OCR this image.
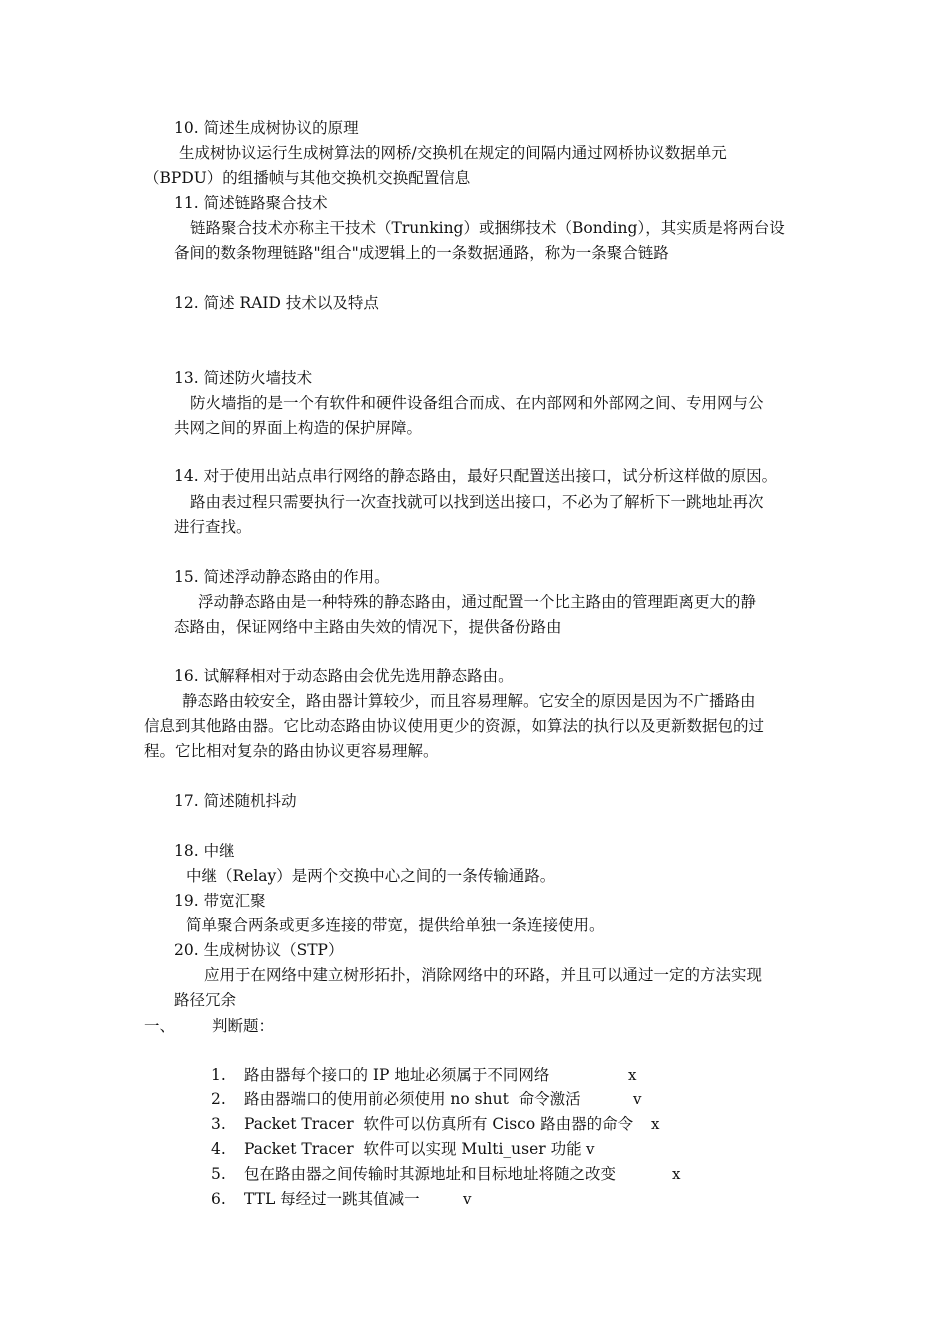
10. 简述生成树协议的原理
生成树协议运行生成树算法的网桥/交换机在规定的间隔内通过网桥协议数据单元
（BPDU）的组播帧与其他交换机交换配置信息
11. 简述链路聚合技术
链路聚合技术亦称主干技术（Trunking）或捆绑技术（Bonding），其实质是将两台设
备间的数条物理链路"组合"成逻辑上的一条数据通路，称为一条聚合链路
12. 简述 RAID 技术以及特点
13. 简述防火墙技术
防火墙指的是一个有软件和硬件设备组合而成、在内部网和外部网之间、专用网与公
共网之间的界面上构造的保护屏障。
14. 对于使用出站点串行网络的静态路由，最好只配置送出接口，试分析这样做的原因。
路由表过程只需要执行一次查找就可以找到送出接口，不必为了解析下一跳地址再次
进行查找。
15. 简述浮动静态路由的作用。
浮动静态路由是一种特殊的静态路由，通过配置一个比主路由的管理距离更大的静
态路由，保证网络中主路由失效的情况下，提供备份路由
16. 试解释相对于动态路由会优先选用静态路由。
静态路由较安全，路由器计算较少，而且容易理解。它安全的原因是因为不广播路由
信息到其他路由器。它比动态路由协议使用更少的资源，如算法的执行以及更新数据包的过
程。它比相对复杂的路由协议更容易理解。
17. 简述随机抖动
18. 中继
中继（Relay）是两个交换中心之间的一条传输通路。
19. 带宽汇聚
简单聚合两条或更多连接的带宽，提供给单独一条连接使用。
20. 生成树协议（STP）
应用于在网络中建立树形拓扑，消除网络中的环路，并且可以通过一定的方法实现
路径冗余
一、 判断题：
1. 路由器每个接口的 IP 地址必须属于不同网络	x
2. 路由器端口的使用前必须使用 no shut  命令激活	v
3. Packet Tracer  软件可以仿真所有 Cisco 路由器的命令 x
4. Packet Tracer  软件可以实现 Multi_user 功能 v
5. 包在路由器之间传输时其源地址和目标地址将随之改变	x
6. TTL 每经过一跳其值减一	v
